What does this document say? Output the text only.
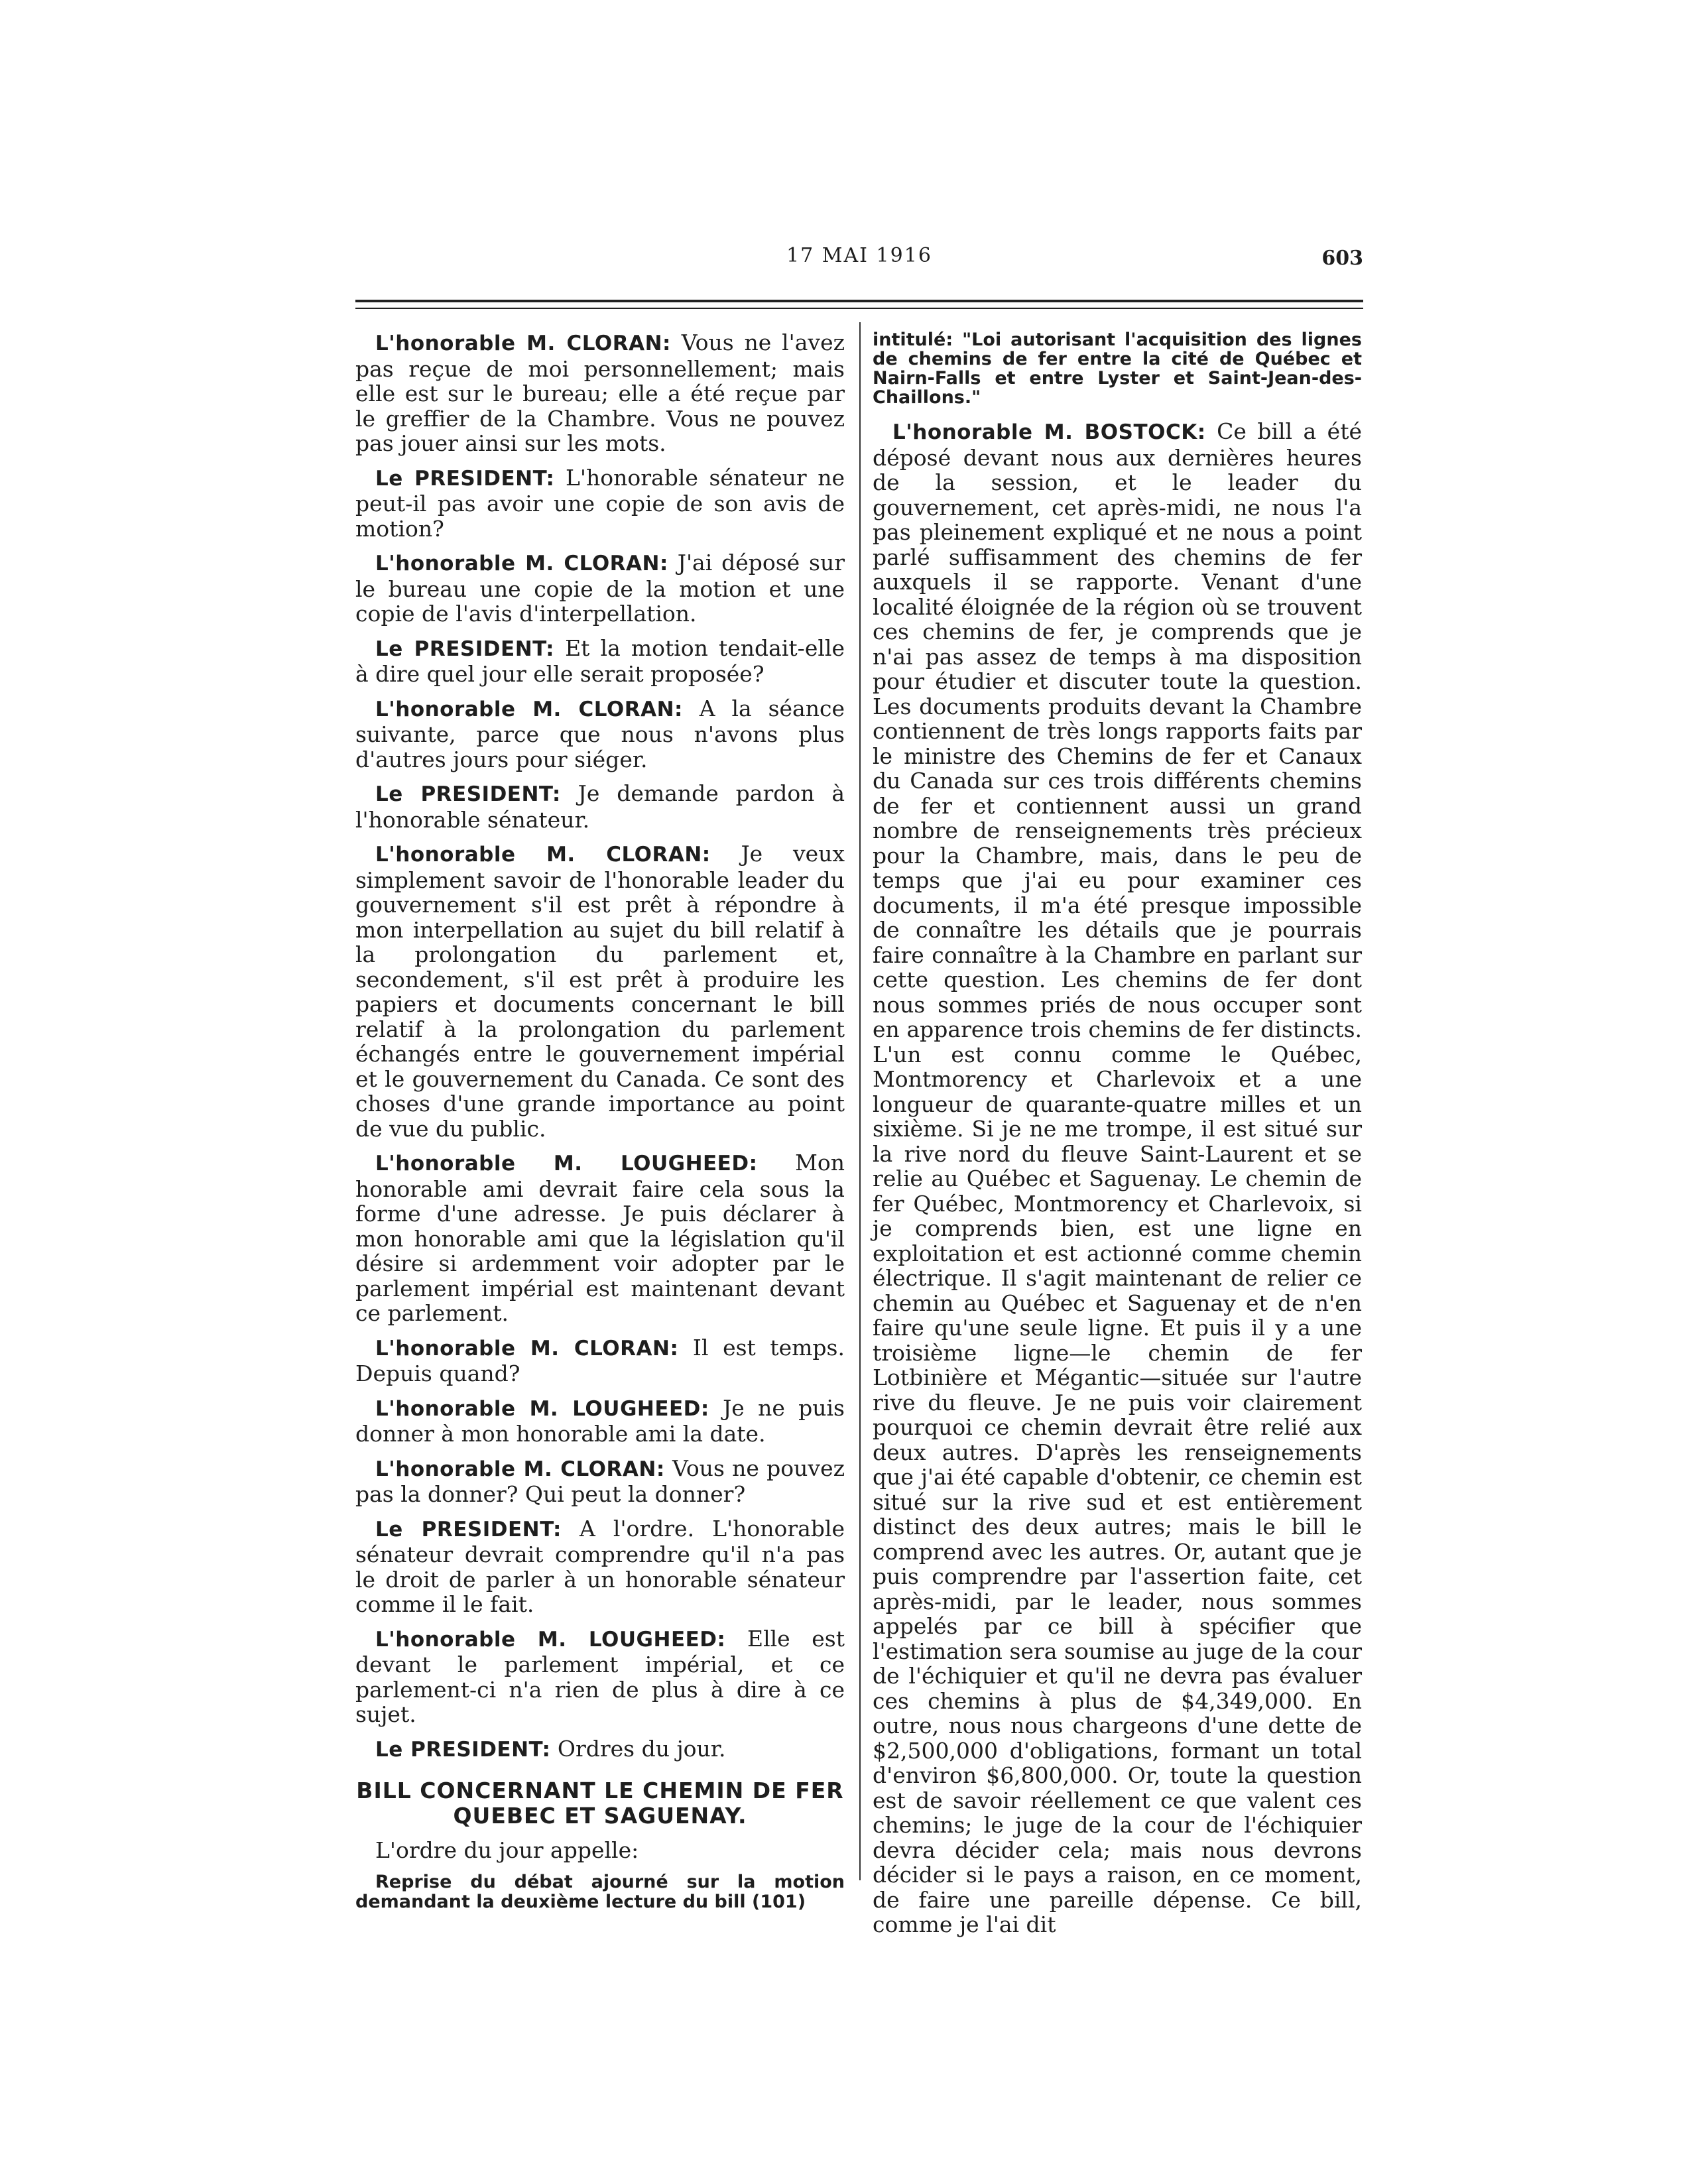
17 MAI 1916	603

L'honorable M. CLORAN: Vous ne l'avez pas reçue de moi personnellement; mais elle est sur le bureau; elle a été reçue par le greffier de la Chambre. Vous ne pouvez pas jouer ainsi sur les mots.

Le PRESIDENT: L'honorable sénateur ne peut-il pas avoir une copie de son avis de motion?

L'honorable M. CLORAN: J'ai déposé sur le bureau une copie de la motion et une copie de l'avis d'interpellation.

Le PRESIDENT: Et la motion tendait-elle à dire quel jour elle serait proposée?

L'honorable M. CLORAN: A la séance suivante, parce que nous n'avons plus d'autres jours pour siéger.

Le PRESIDENT: Je demande pardon à l'honorable sénateur.

L'honorable M. CLORAN: Je veux simplement savoir de l'honorable leader du gouvernement s'il est prêt à répondre à mon interpellation au sujet du bill relatif à la prolongation du parlement et, secondement, s'il est prêt à produire les papiers et documents concernant le bill relatif à la prolongation du parlement échangés entre le gouvernement impérial et le gouvernement du Canada. Ce sont des choses d'une grande importance au point de vue du public.

L'honorable M. LOUGHEED: Mon honorable ami devrait faire cela sous la forme d'une adresse. Je puis déclarer à mon honorable ami que la législation qu'il désire si ardemment voir adopter par le parlement impérial est maintenant devant ce parlement.

L'honorable M. CLORAN: Il est temps. Depuis quand?

L'honorable M. LOUGHEED: Je ne puis donner à mon honorable ami la date.

L'honorable M. CLORAN: Vous ne pouvez pas la donner? Qui peut la donner?

Le PRESIDENT: A l'ordre. L'honorable sénateur devrait comprendre qu'il n'a pas le droit de parler à un honorable sénateur comme il le fait.

L'honorable M. LOUGHEED: Elle est devant le parlement impérial, et ce parlement-ci n'a rien de plus à dire à ce sujet.

Le PRESIDENT: Ordres du jour.

BILL CONCERNANT LE CHEMIN DE FER QUEBEC ET SAGUENAY.

L'ordre du jour appelle:

Reprise du débat ajourné sur la motion demandant la deuxième lecture du bill (101)

intitulé: "Loi autorisant l'acquisition des lignes de chemins de fer entre la cité de Québec et Nairn-Falls et entre Lyster et Saint-Jean-des-Chaillons."

L'honorable M. BOSTOCK: Ce bill a été déposé devant nous aux dernières heures de la session, et le leader du gouvernement, cet après-midi, ne nous l'a pas pleinement expliqué et ne nous a point parlé suffisamment des chemins de fer auxquels il se rapporte. Venant d'une localité éloignée de la région où se trouvent ces chemins de fer, je comprends que je n'ai pas assez de temps à ma disposition pour étudier et discuter toute la question. Les documents produits devant la Chambre contiennent de très longs rapports faits par le ministre des Chemins de fer et Canaux du Canada sur ces trois différents chemins de fer et contiennent aussi un grand nombre de renseignements très précieux pour la Chambre, mais, dans le peu de temps que j'ai eu pour examiner ces documents, il m'a été presque impossible de connaître les détails que je pourrais faire connaître à la Chambre en parlant sur cette question. Les chemins de fer dont nous sommes priés de nous occuper sont en apparence trois chemins de fer distincts. L'un est connu comme le Québec, Montmorency et Charlevoix et a une longueur de quarante-quatre milles et un sixième. Si je ne me trompe, il est situé sur la rive nord du fleuve Saint-Laurent et se relie au Québec et Saguenay. Le chemin de fer Québec, Montmorency et Charlevoix, si je comprends bien, est une ligne en exploitation et est actionné comme chemin électrique. Il s'agit maintenant de relier ce chemin au Québec et Saguenay et de n'en faire qu'une seule ligne. Et puis il y a une troisième ligne—le chemin de fer Lotbinière et Mégantic—située sur l'autre rive du fleuve. Je ne puis voir clairement pourquoi ce chemin devrait être relié aux deux autres. D'après les renseignements que j'ai été capable d'obtenir, ce chemin est situé sur la rive sud et est entièrement distinct des deux autres; mais le bill le comprend avec les autres. Or, autant que je puis comprendre par l'assertion faite, cet après-midi, par le leader, nous sommes appelés par ce bill à spécifier que l'estimation sera soumise au juge de la cour de l'échiquier et qu'il ne devra pas évaluer ces chemins à plus de $4,349,000. En outre, nous nous chargeons d'une dette de $2,500,000 d'obligations, formant un total d'environ $6,800,000. Or, toute la question est de savoir réellement ce que valent ces chemins; le juge de la cour de l'échiquier devra décider cela; mais nous devrons décider si le pays a raison, en ce moment, de faire une pareille dépense. Ce bill, comme je l'ai dit
